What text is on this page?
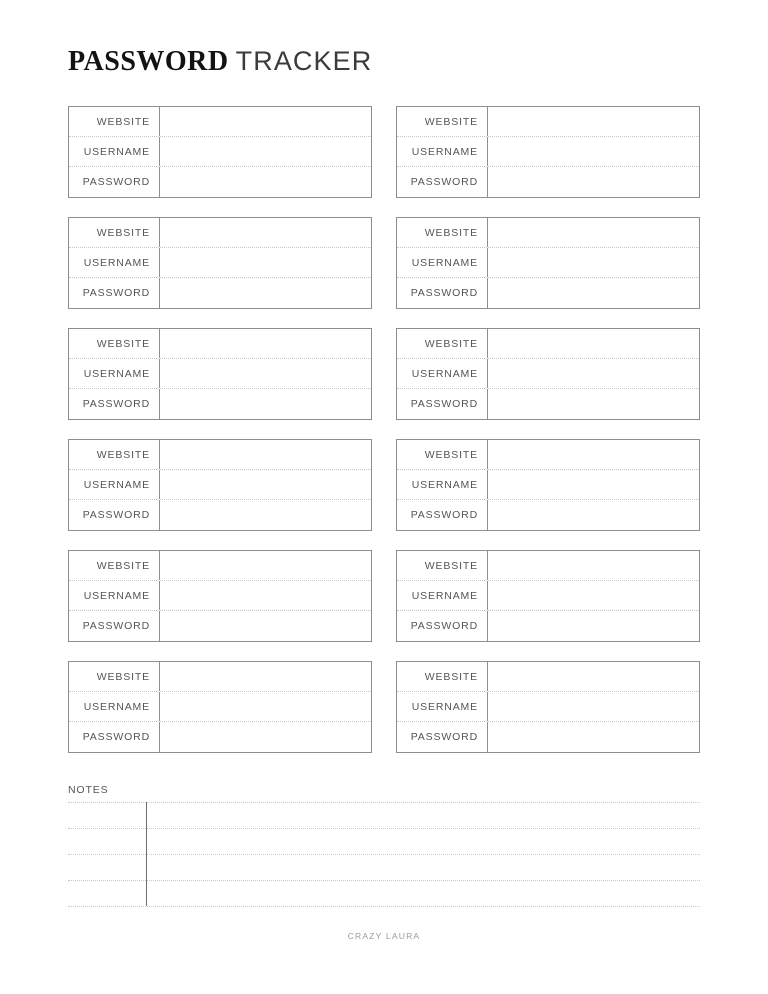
PASSWORD TRACKER
WEBSITE
USERNAME
PASSWORD
WEBSITE
USERNAME
PASSWORD
WEBSITE
USERNAME
PASSWORD
WEBSITE
USERNAME
PASSWORD
WEBSITE
USERNAME
PASSWORD
WEBSITE
USERNAME
PASSWORD
WEBSITE
USERNAME
PASSWORD
WEBSITE
USERNAME
PASSWORD
WEBSITE
USERNAME
PASSWORD
WEBSITE
USERNAME
PASSWORD
WEBSITE
USERNAME
PASSWORD
WEBSITE
USERNAME
PASSWORD
NOTES
CRAZY LAURA
